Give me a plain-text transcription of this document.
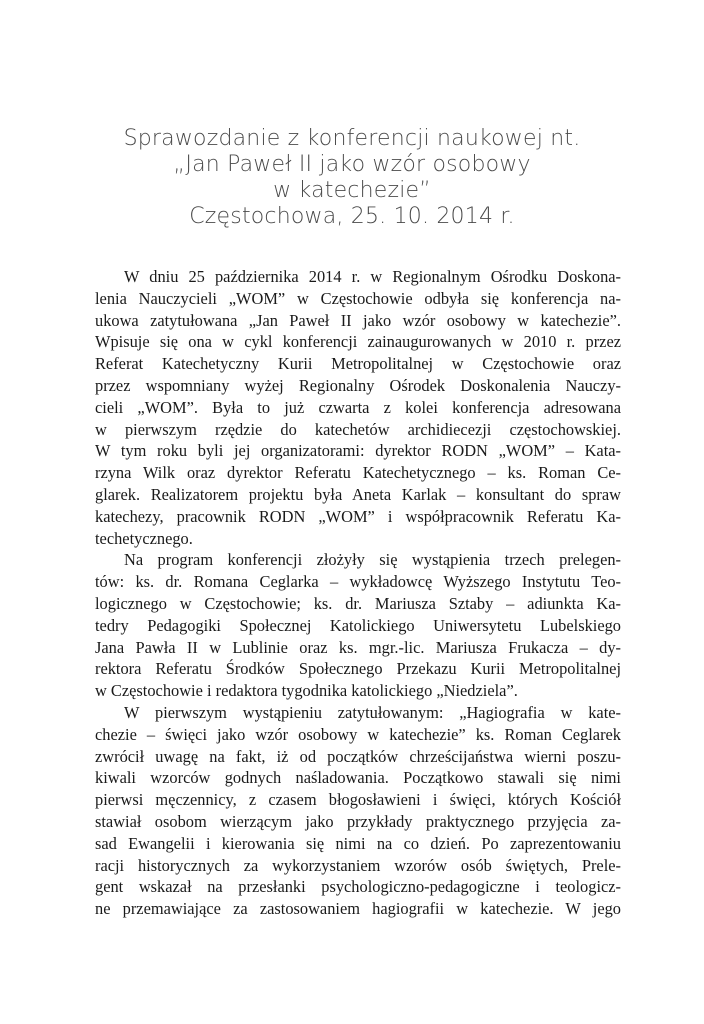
Sprawozdanie z konferencji naukowej nt.
„Jan Paweł II jako wzór osobowy
w katechezie”
Częstochowa, 25. 10. 2014 r.
W dniu 25 października 2014 r. w Regionalnym Ośrodku Doskona-
lenia Nauczycieli „WOM” w Częstochowie odbyła się konferencja na-
ukowa zatytułowana „Jan Paweł II jako wzór osobowy w katechezie”.
Wpisuje się ona w cykl konferencji zainaugurowanych w 2010 r. przez
Referat Katechetyczny Kurii Metropolitalnej w Częstochowie oraz
przez wspomniany wyżej Regionalny Ośrodek Doskonalenia Nauczy-
cieli „WOM”. Była to już czwarta z kolei konferencja adresowana
w pierwszym rzędzie do katechetów archidiecezji częstochowskiej.
W tym roku byli jej organizatorami: dyrektor RODN „WOM” – Kata-
rzyna Wilk oraz dyrektor Referatu Katechetycznego – ks. Roman Ce-
glarek. Realizatorem projektu była Aneta Karlak – konsultant do spraw
katechezy, pracownik RODN „WOM” i współpracownik Referatu Ka-
techetycznego.
Na program konferencji złożyły się wystąpienia trzech prelegen-
tów: ks. dr. Romana Ceglarka – wykładowcę Wyższego Instytutu Teo-
logicznego w Częstochowie; ks. dr. Mariusza Sztaby – adiunkta Ka-
tedry Pedagogiki Społecznej Katolickiego Uniwersytetu Lubelskiego
Jana Pawła II w Lublinie oraz ks. mgr.-lic. Mariusza Frukacza – dy-
rektora Referatu Środków Społecznego Przekazu Kurii Metropolitalnej
w Częstochowie i redaktora tygodnika katolickiego „Niedziela”.
W pierwszym wystąpieniu zatytułowanym: „Hagiografia w kate-
chezie – święci jako wzór osobowy w katechezie” ks. Roman Ceglarek
zwrócił uwagę na fakt, iż od początków chrześcijaństwa wierni poszu-
kiwali wzorców godnych naśladowania. Początkowo stawali się nimi
pierwsi męczennicy, z czasem błogosławieni i święci, których Kościół
stawiał osobom wierzącym jako przykłady praktycznego przyjęcia za-
sad Ewangelii i kierowania się nimi na co dzień. Po zaprezentowaniu
racji historycznych za wykorzystaniem wzorów osób świętych, Prele-
gent wskazał na przesłanki psychologiczno-pedagogiczne i teologicz-
ne przemawiające za zastosowaniem hagiografii w katechezie. W jego
